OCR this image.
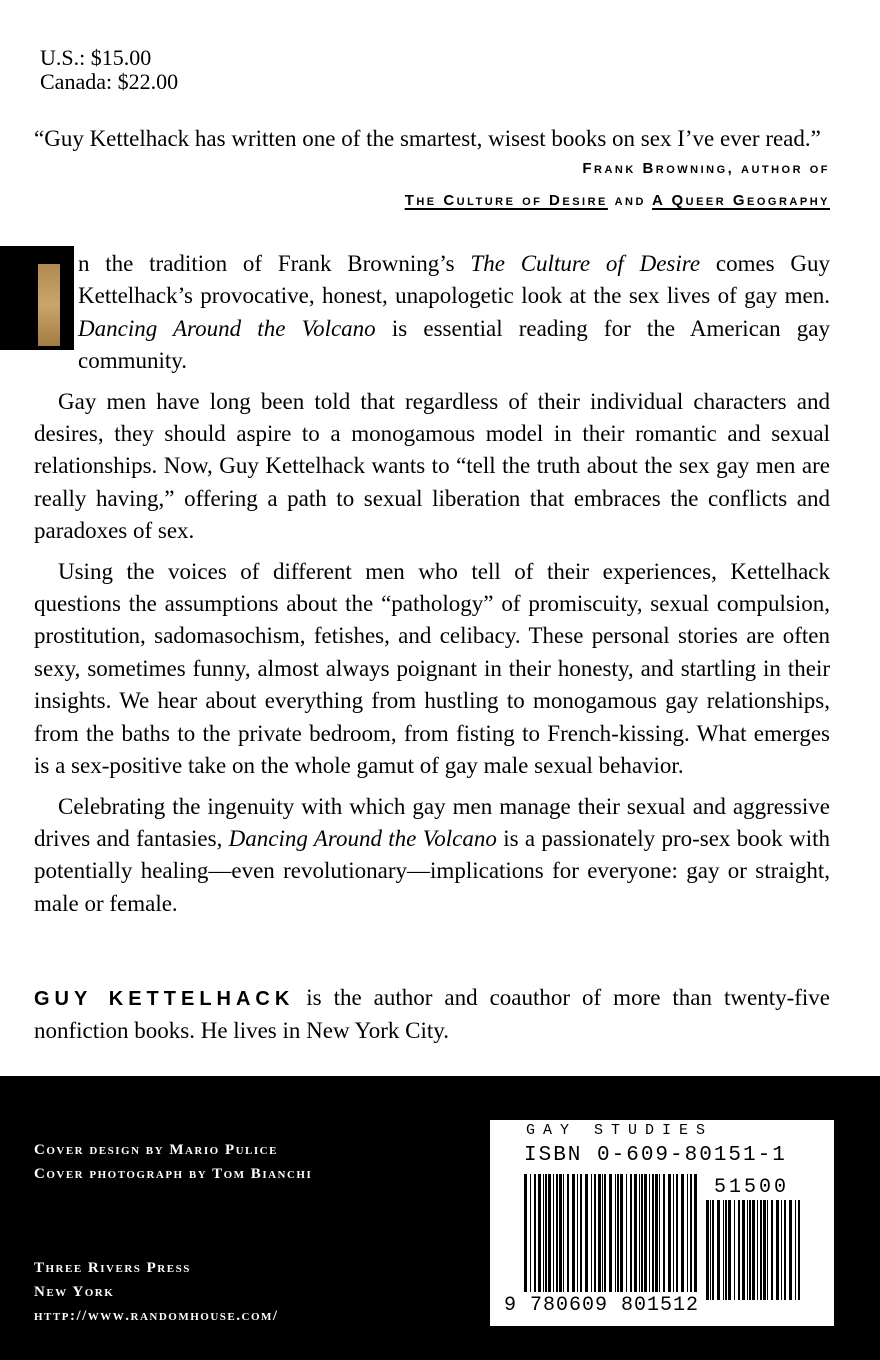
U.S.: $15.00
Canada: $22.00
“Guy Kettelhack has written one of the smartest, wisest books on sex I’ve ever read.”
Frank Browning, author of
The Culture of Desire and A Queer Geography

n the tradition of Frank Browning’s The Culture of Desire comes Guy Kettelhack’s provocative, honest, unapologetic look at the sex lives of gay men. Dancing Around the Volcano is essential reading for the American gay community.

Gay men have long been told that regardless of their individual characters and desires, they should aspire to a monogamous model in their romantic and sexual relationships. Now, Guy Kettelhack wants to “tell the truth about the sex gay men are really having,” offering a path to sexual liberation that embraces the conflicts and paradoxes of sex.

Using the voices of different men who tell of their experiences, Kettelhack questions the assumptions about the “pathology” of promiscuity, sexual compulsion, prostitution, sadomasochism, fetishes, and celibacy. These personal stories are often sexy, sometimes funny, almost always poignant in their honesty, and startling in their insights. We hear about everything from hustling to monogamous gay relationships, from the baths to the private bedroom, from fisting to French-kissing. What emerges is a sex-positive take on the whole gamut of gay male sexual behavior.

Celebrating the ingenuity with which gay men manage their sexual and aggressive drives and fantasies, Dancing Around the Volcano is a passionately pro-sex book with potentially healing—even revolutionary—implications for everyone: gay or straight, male or female.

GUY KETTELHACK is the author and coauthor of more than twenty-five nonfiction books. He lives in New York City.
Cover design by Mario Pulice
Cover photograph by Tom Bianchi
Three Rivers Press
New York
http://www.randomhouse.com/
GAY STUDIES
ISBN 0-609-80151-1
51500
9 780609 801512
